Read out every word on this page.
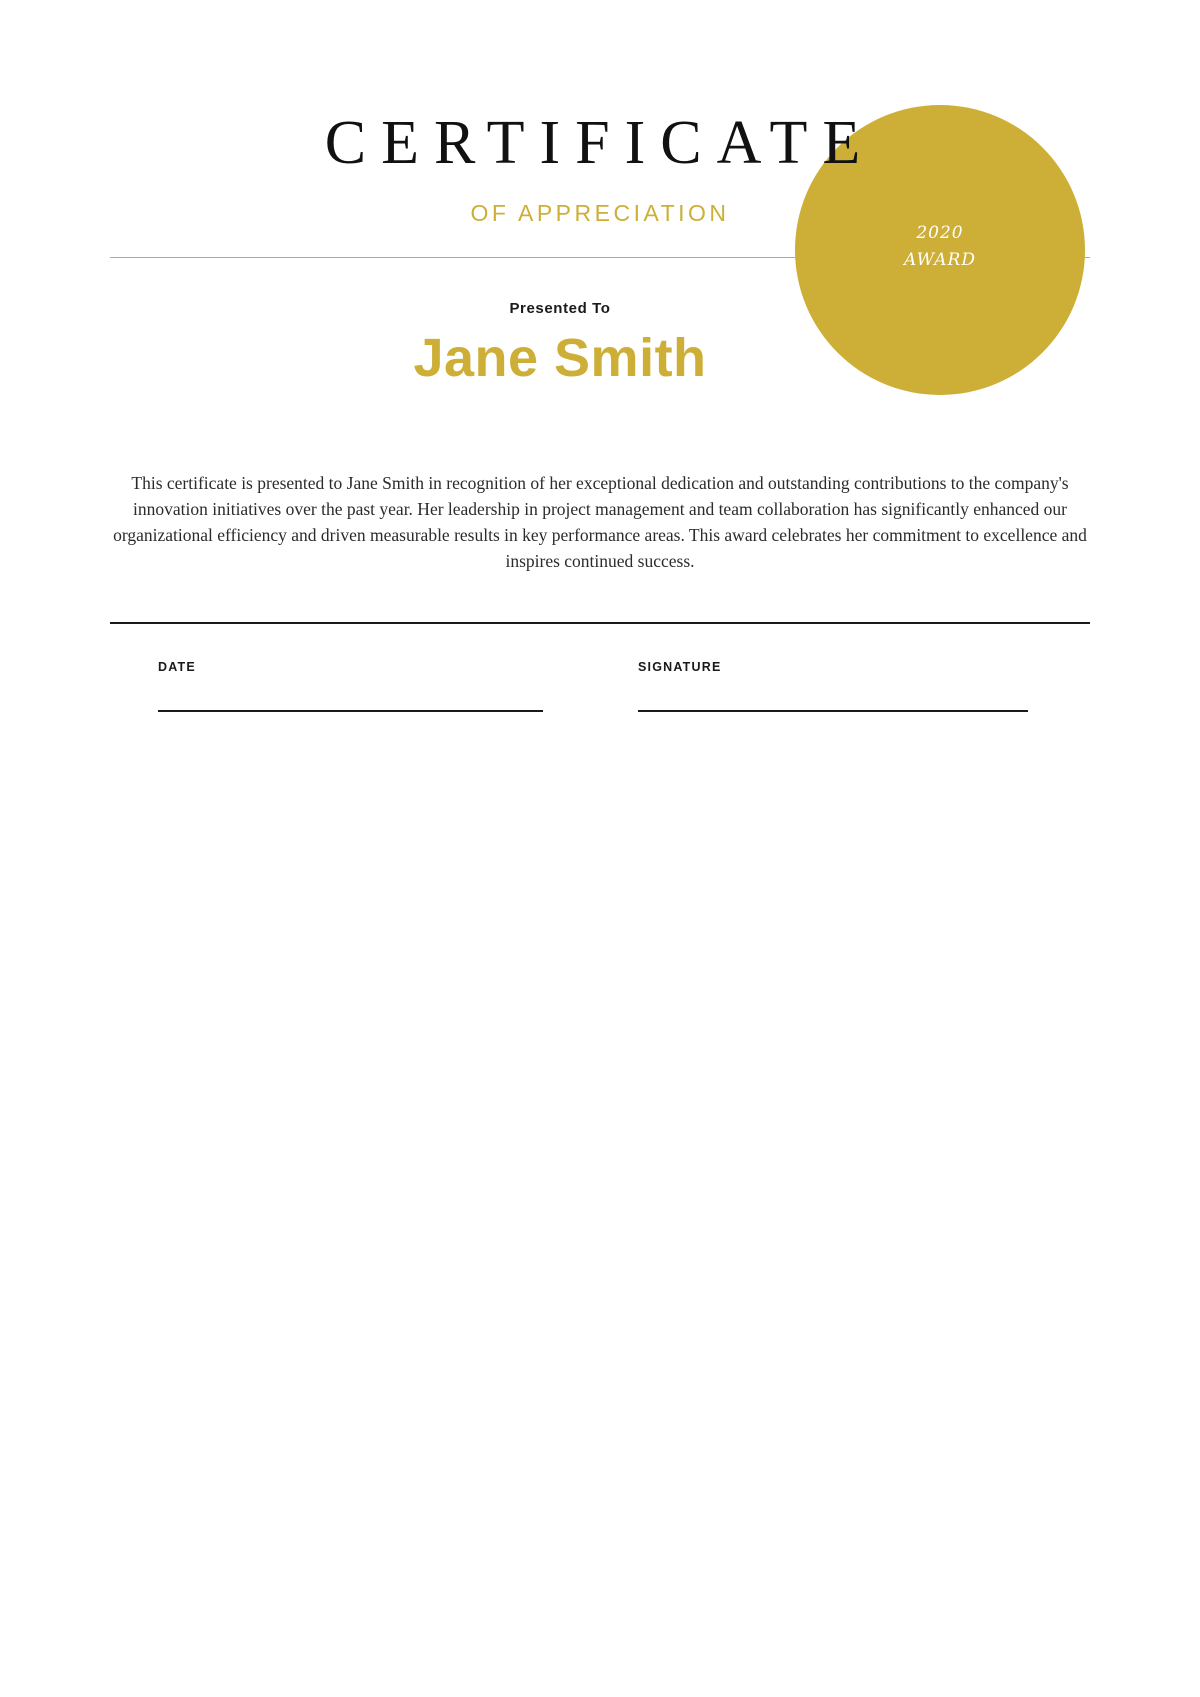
2020
AWARD
CERTIFICATE
OF APPRECIATION
Presented To
Jane Smith
This certificate is presented to Jane Smith in recognition of her exceptional dedication and outstanding contributions to the company's innovation initiatives over the past year. Her leadership in project management and team collaboration has significantly enhanced our organizational efficiency and driven measurable results in key performance areas. This award celebrates her commitment to excellence and inspires continued success.
DATE	SIGNATURE
